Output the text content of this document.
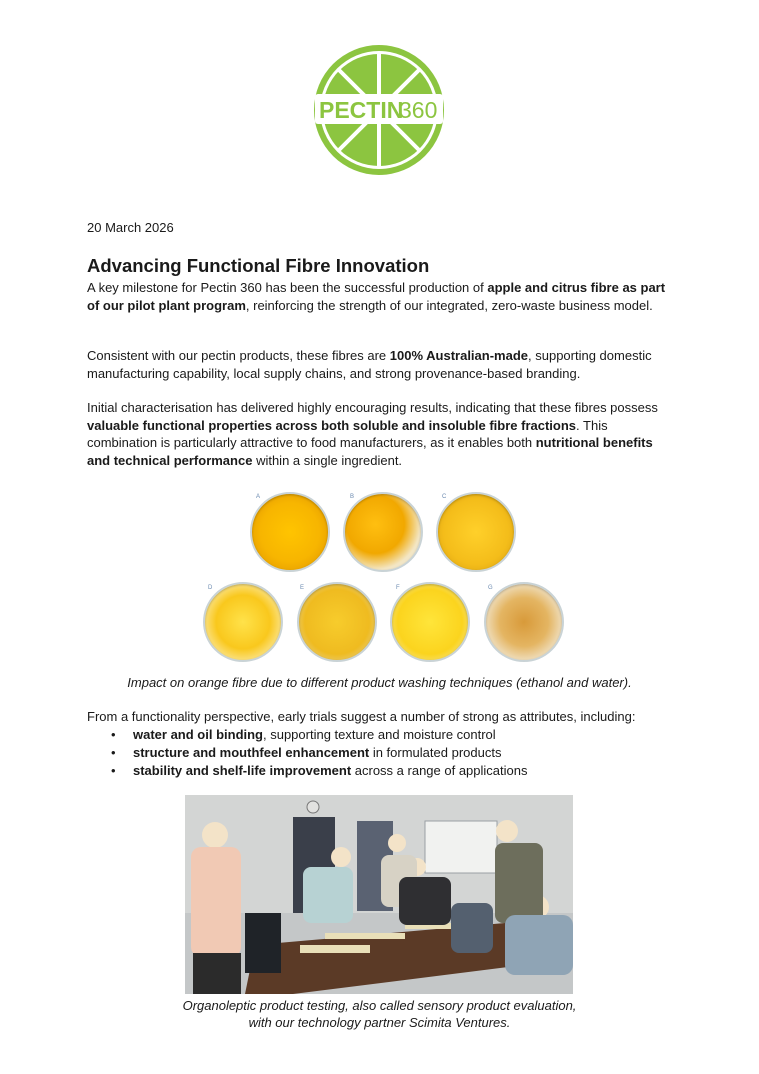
PECTIN
360
20 March 2026
Advancing Functional Fibre Innovation

A key milestone for Pectin 360 has been the successful production of apple and citrus fibre as part of our pilot plant program, reinforcing the strength of our integrated, zero-waste business model.

Consistent with our pectin products, these fibres are 100% Australian-made, supporting domestic manufacturing capability, local supply chains, and strong provenance-based branding.

Initial characterisation has delivered highly encouraging results, indicating that these fibres possess valuable functional properties across both soluble and insoluble fibre fractions. This combination is particularly attractive to food manufacturers, as it enables both nutritional benefits and technical performance within a single ingredient.

A	B	C
D	E	F	G
Impact on orange fibre due to different product washing techniques (ethanol and water).
From a functionality perspective, early trials suggest a number of strong as attributes, including:
• water and oil binding, supporting texture and moisture control
• structure and mouthfeel enhancement in formulated products
• stability and shelf-life improvement across a range of applications
Organoleptic product testing, also called sensory product evaluation,
with our technology partner Scimita Ventures.
